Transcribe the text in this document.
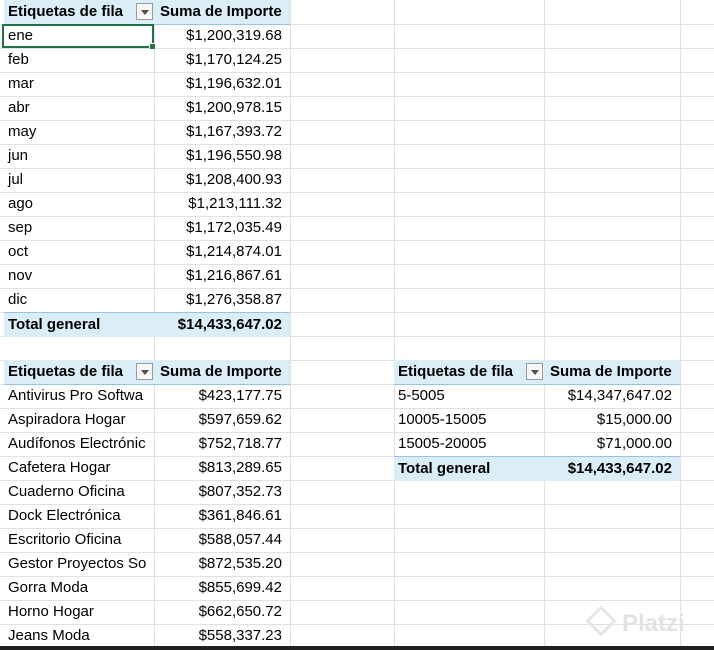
Etiquetas de fila	Suma de Importe
ene	$1,200,319.68
feb	$1,170,124.25
mar	$1,196,632.01
abr	$1,200,978.15
may	$1,167,393.72
jun	$1,196,550.98
jul	$1,208,400.93
ago	$1,213,111.32
sep	$1,172,035.49
oct	$1,214,874.01
nov	$1,216,867.61
dic	$1,276,358.87
Total general	$14,433,647.02
Etiquetas de fila	Suma de Importe
Antivirus Pro Softwa	$423,177.75
Aspiradora Hogar	$597,659.62
Audífonos Electrónic	$752,718.77
Cafetera Hogar	$813,289.65
Cuaderno Oficina	$807,352.73
Dock Electrónica	$361,846.61
Escritorio Oficina	$588,057.44
Gestor Proyectos So	$872,535.20
Gorra Moda	$855,699.42
Horno Hogar	$662,650.72
Jeans Moda	$558,337.23
Etiquetas de fila	Suma de Importe
5-5005	$14,347,647.02
10005-15005	$15,000.00
15005-20005	$71,000.00
Total general	$14,433,647.02
Platzi
